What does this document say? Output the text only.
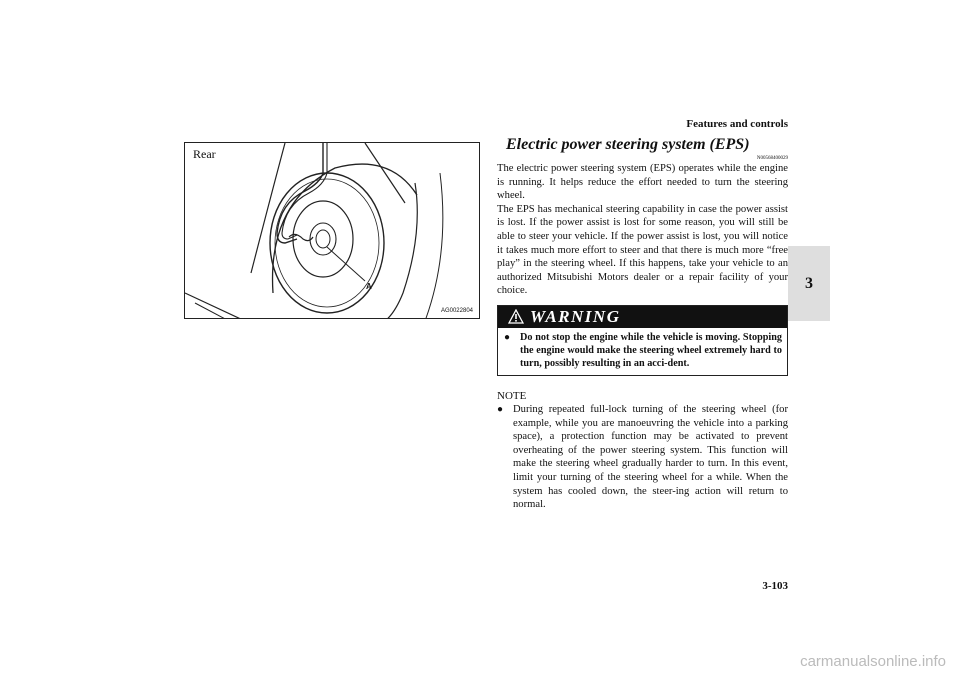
Features and controls
3
Rear
A
AG0022804
Electric power steering system (EPS)
N00568400029

The electric power steering system (EPS) operates while the engine is running. It helps reduce the effort needed to turn the steering wheel.

The EPS has mechanical steering capability in case the power assist is lost. If the power assist is lost for some reason, you will still be able to steer your vehicle. If the power assist is lost, you will notice it takes much more effort to steer and that there is much more “free play” in the steering wheel. If this happens, take your vehicle to an authorized Mitsubishi Motors dealer or a repair facility of your choice.

WARNING
● Do not stop the engine while the vehicle is moving. Stopping the engine would make the steering wheel extremely hard to turn, possibly resulting in an acci-dent.
NOTE
● During repeated full-lock turning of the steering wheel (for example, while you are manoeuvring the vehicle into a parking space), a protection function may be activated to prevent overheating of the power steering system. This function will make the steering wheel gradually harder to turn. In this event, limit your turning of the steering wheel for a while. When the system has cooled down, the steer-ing action will return to normal.
3-103
carmanualsonline.info
